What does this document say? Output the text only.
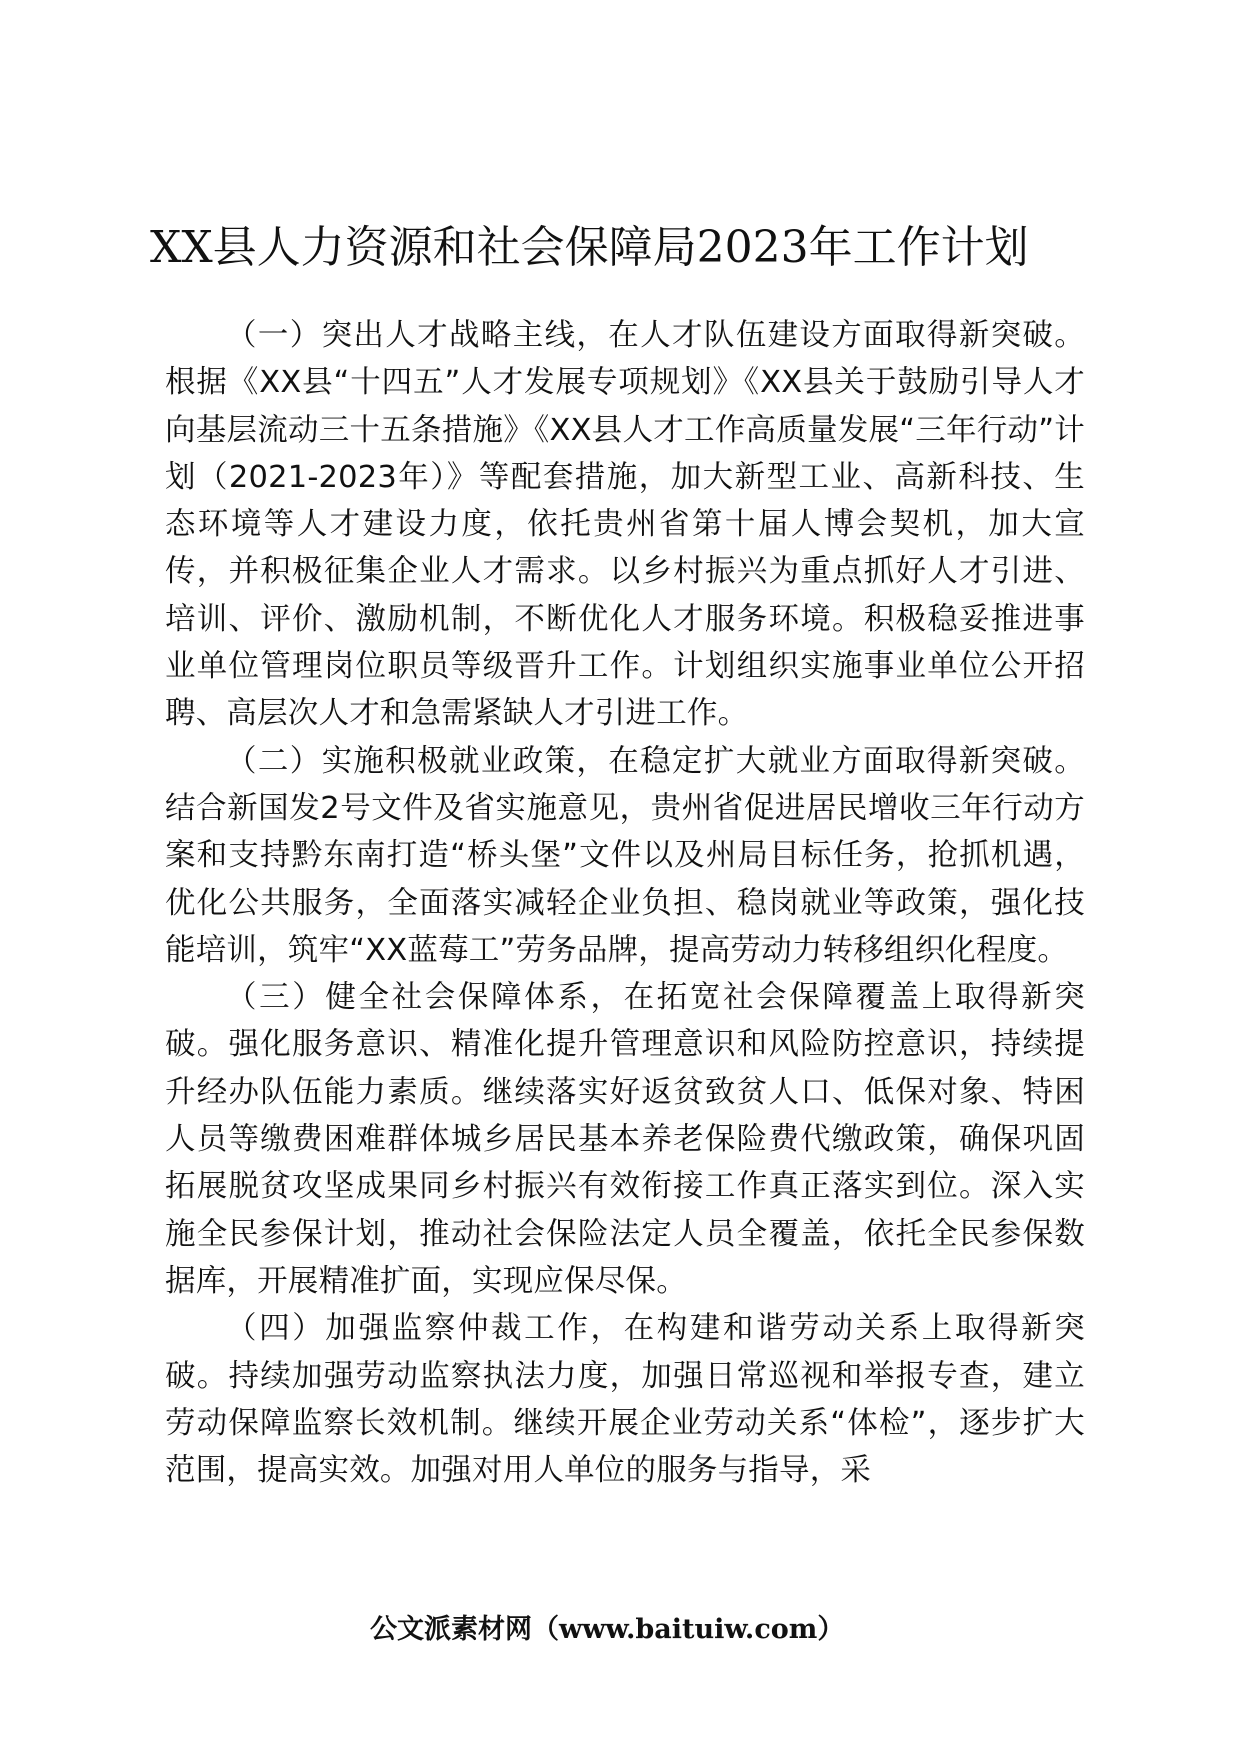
XX县人力资源和社会保障局2023年工作计划

（一）突出人才战略主线，在人才队伍建设方面取得新突破。根据《XX县“十四五”人才发展专项规划》《XX县关于鼓励引导人才向基层流动三十五条措施》《XX县人才工作高质量发展“三年行动”计划（2021-2023年）》等配套措施，加大新型工业、高新科技、生态环境等人才建设力度，依托贵州省第十届人博会契机，加大宣传，并积极征集企业人才需求。以乡村振兴为重点抓好人才引进、培训、评价、激励机制，不断优化人才服务环境。积极稳妥推进事业单位管理岗位职员等级晋升工作。计划组织实施事业单位公开招聘、高层次人才和急需紧缺人才引进工作。

（二）实施积极就业政策，在稳定扩大就业方面取得新突破。结合新国发2号文件及省实施意见，贵州省促进居民增收三年行动方案和支持黔东南打造“桥头堡”文件以及州局目标任务，抢抓机遇，优化公共服务，全面落实减轻企业负担、稳岗就业等政策，强化技能培训，筑牢“XX蓝莓工”劳务品牌，提高劳动力转移组织化程度。

（三）健全社会保障体系，在拓宽社会保障覆盖上取得新突破。强化服务意识、精准化提升管理意识和风险防控意识，持续提升经办队伍能力素质。继续落实好返贫致贫人口、低保对象、特困人员等缴费困难群体城乡居民基本养老保险费代缴政策，确保巩固拓展脱贫攻坚成果同乡村振兴有效衔接工作真正落实到位。深入实施全民参保计划，推动社会保险法定人员全覆盖，依托全民参保数据库，开展精准扩面，实现应保尽保。

（四）加强监察仲裁工作，在构建和谐劳动关系上取得新突破。持续加强劳动监察执法力度，加强日常巡视和举报专查，建立劳动保障监察长效机制。继续开展企业劳动关系“体检”，逐步扩大范围，提高实效。加强对用人单位的服务与指导，采

公文派素材网（www.baituiw.com）
